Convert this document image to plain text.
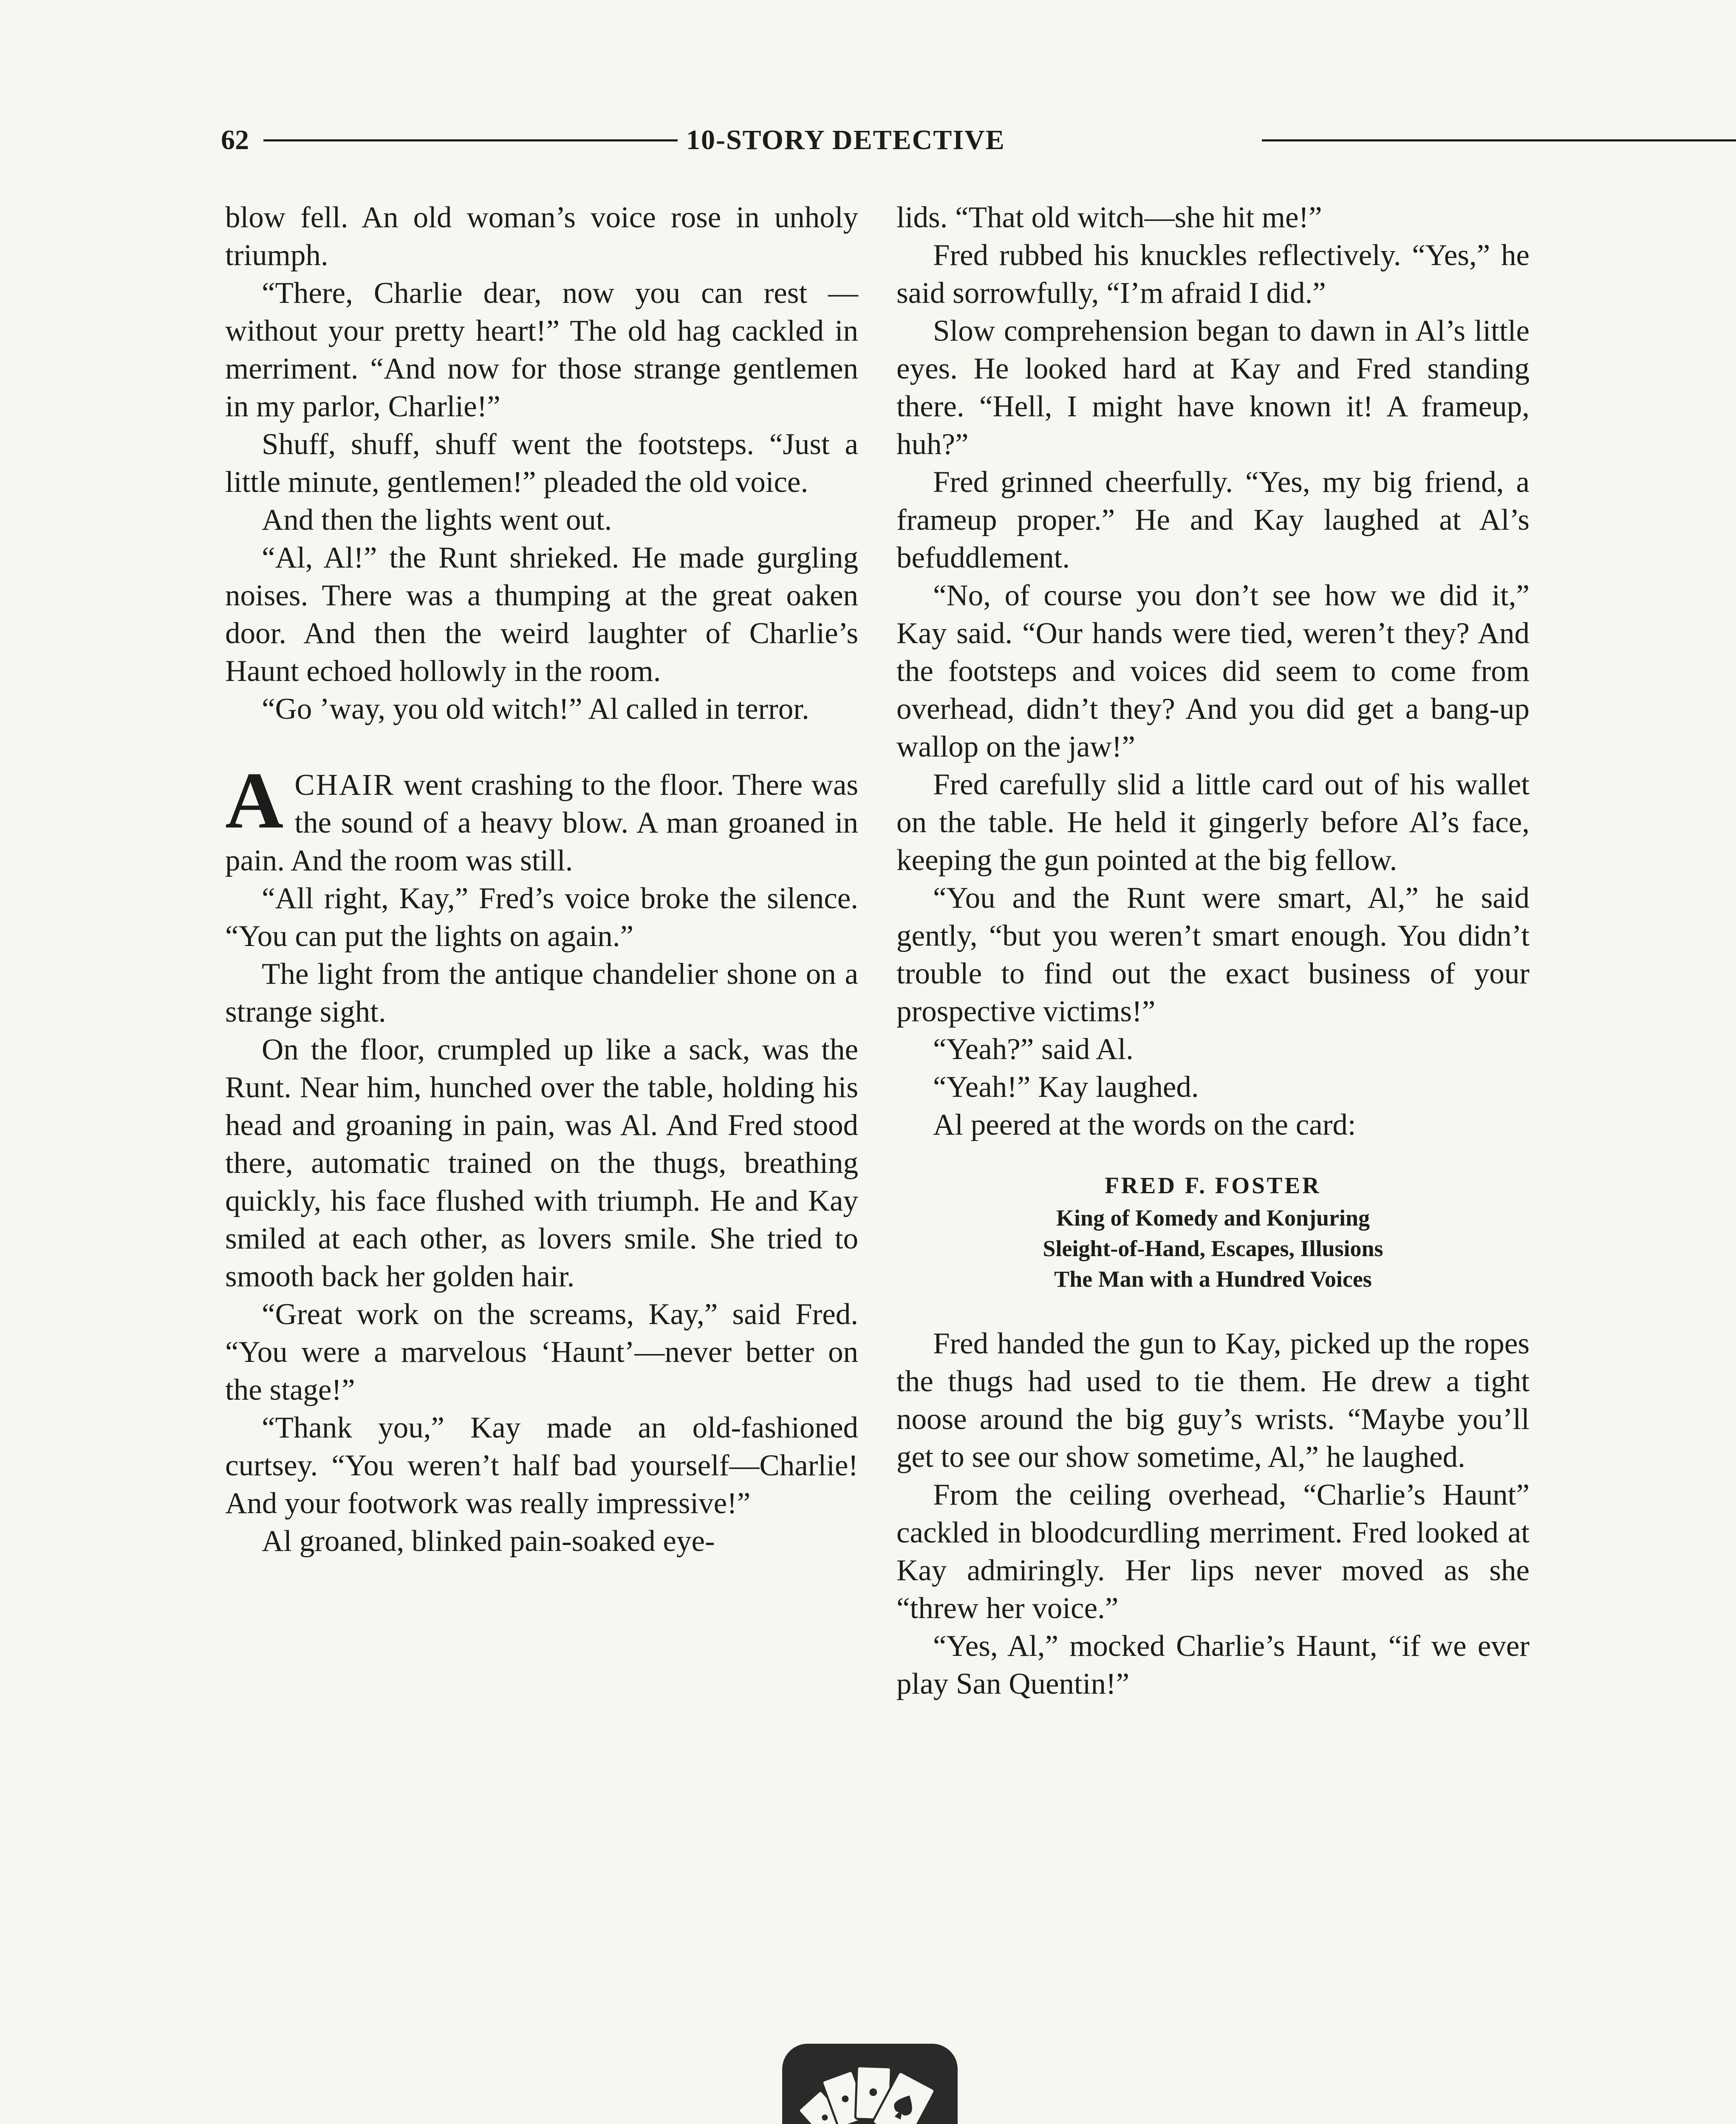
62	10-STORY DETECTIVE

blow fell. An old woman’s voice rose in unholy triumph.

“There, Charlie dear, now you can rest — without your pretty heart!” The old hag cackled in merriment. “And now for those strange gentlemen in my parlor, Charlie!”

Shuff, shuff, shuff went the footsteps. “Just a little minute, gentlemen!” pleaded the old voice.

And then the lights went out.

“Al, Al!” the Runt shrieked. He made gurgling noises. There was a thumping at the great oaken door. And then the weird laughter of Charlie’s Haunt echoed hollowly in the room.

“Go ’way, you old witch!” Al called in terror.

ACHAIR went crashing to the floor. There was the sound of a heavy blow. A man groaned in pain. And the room was still.

“All right, Kay,” Fred’s voice broke the silence. “You can put the lights on again.”

The light from the antique chandelier shone on a strange sight.

On the floor, crumpled up like a sack, was the Runt. Near him, hunched over the table, holding his head and groaning in pain, was Al. And Fred stood there, automatic trained on the thugs, breathing quickly, his face flushed with triumph. He and Kay smiled at each other, as lovers smile. She tried to smooth back her golden hair.

“Great work on the screams, Kay,” said Fred. “You were a marvelous ‘Haunt’—never better on the stage!”

“Thank you,” Kay made an old-fashioned curtsey. “You weren’t half bad yourself—Charlie! And your footwork was really impressive!”

Al groaned, blinked pain-soaked eye-

lids. “That old witch—she hit me!”

Fred rubbed his knuckles reflectively. “Yes,” he said sorrowfully, “I’m afraid I did.”

Slow comprehension began to dawn in Al’s little eyes. He looked hard at Kay and Fred standing there. “Hell, I might have known it! A frameup, huh?”

Fred grinned cheerfully. “Yes, my big friend, a frameup proper.” He and Kay laughed at Al’s befuddlement.

“No, of course you don’t see how we did it,” Kay said. “Our hands were tied, weren’t they? And the footsteps and voices did seem to come from overhead, didn’t they? And you did get a bang-up wallop on the jaw!”

Fred carefully slid a little card out of his wallet on the table. He held it gingerly before Al’s face, keeping the gun pointed at the big fellow.

“You and the Runt were smart, Al,” he said gently, “but you weren’t smart enough. You didn’t trouble to find out the exact business of your prospective victims!”

“Yeah?” said Al.

“Yeah!” Kay laughed.

Al peered at the words on the card:

FRED F. FOSTER
King of Komedy and Konjuring
Sleight-of-Hand, Escapes, Illusions
The Man with a Hundred Voices

Fred handed the gun to Kay, picked up the ropes the thugs had used to tie them. He drew a tight noose around the big guy’s wrists. “Maybe you’ll get to see our show sometime, Al,” he laughed.

From the ceiling overhead, “Charlie’s Haunt” cackled in bloodcurdling merriment. Fred looked at Kay admiringly. Her lips never moved as she “threw her voice.”

“Yes, Al,” mocked Charlie’s Haunt, “if we ever play San Quentin!”
